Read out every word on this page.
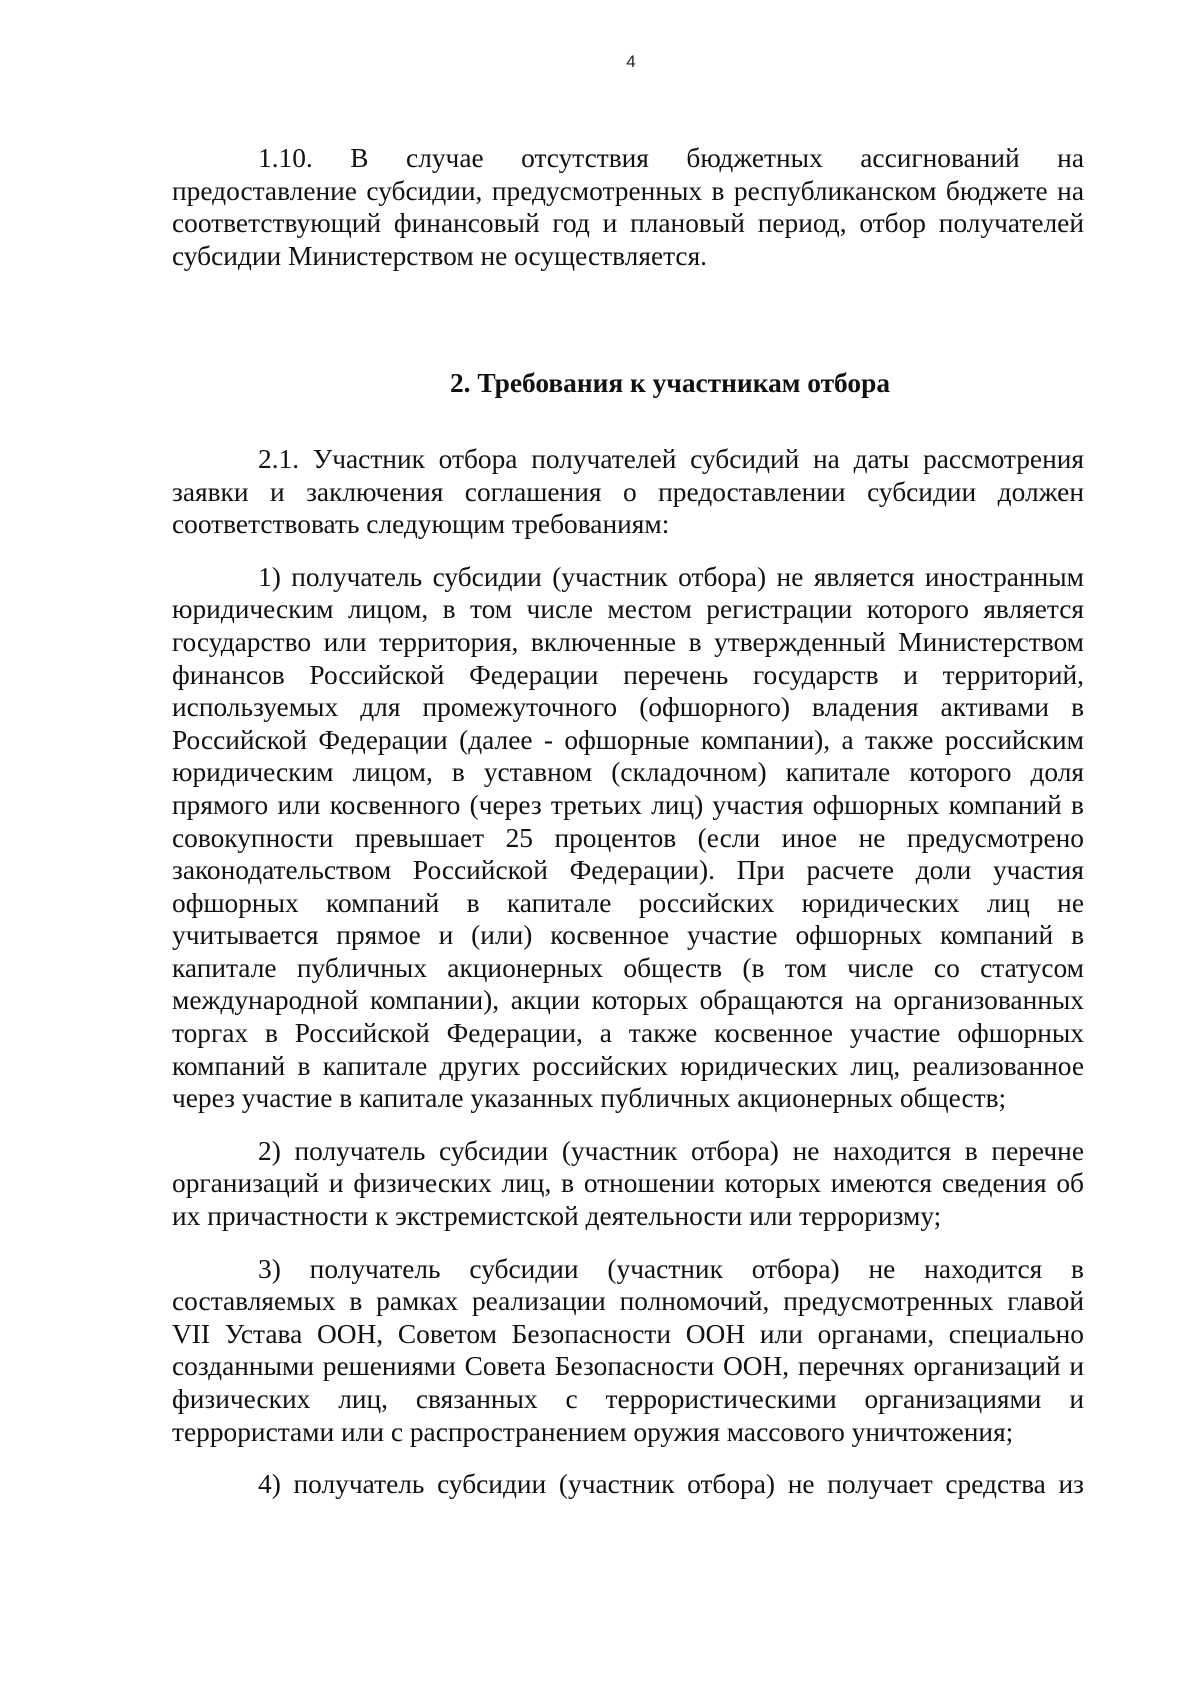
4

1.10. В случае отсутствия бюджетных ассигнований на предоставление субсидии, предусмотренных в республиканском бюджете на соответствующий финансовый год и плановый период, отбор получателей субсидии Министерством не осуществляется.

2. Требования к участникам отбора

2.1. Участник отбора получателей субсидий на даты рассмотрения заявки и заключения соглашения о предоставлении субсидии должен соответствовать следующим требованиям:

1) получатель субсидии (участник отбора) не является иностранным юридическим лицом, в том числе местом регистрации которого является государство или территория, включенные в утвержденный Министерством финансов Российской Федерации перечень государств и территорий, используемых для промежуточного (офшорного) владения активами в Российской Федерации (далее - офшорные компании), а также российским юридическим лицом, в уставном (складочном) капитале которого доля прямого или косвенного (через третьих лиц) участия офшорных компаний в совокупности превышает 25 процентов (если иное не предусмотрено законодательством Российской Федерации). При расчете доли участия офшорных компаний в капитале российских юридических лиц не учитывается прямое и (или) косвенное участие офшорных компаний в капитале публичных акционерных обществ (в том числе со статусом международной компании), акции которых обращаются на организованных торгах в Российской Федерации, а также косвенное участие офшорных компаний в капитале других российских юридических лиц, реализованное через участие в капитале указанных публичных акционерных обществ;

2) получатель субсидии (участник отбора) не находится в перечне организаций и физических лиц, в отношении которых имеются сведения об их причастности к экстремистской деятельности или терроризму;

3) получатель субсидии (участник отбора) не находится в составляемых в рамках реализации полномочий, предусмотренных главой VII Устава ООН, Советом Безопасности ООН или органами, специально созданными решениями Совета Безопасности ООН, перечнях организаций и физических лиц, связанных с террористическими организациями и террористами или с распространением оружия массового уничтожения;

4) получатель субсидии (участник отбора) не получает средства из
